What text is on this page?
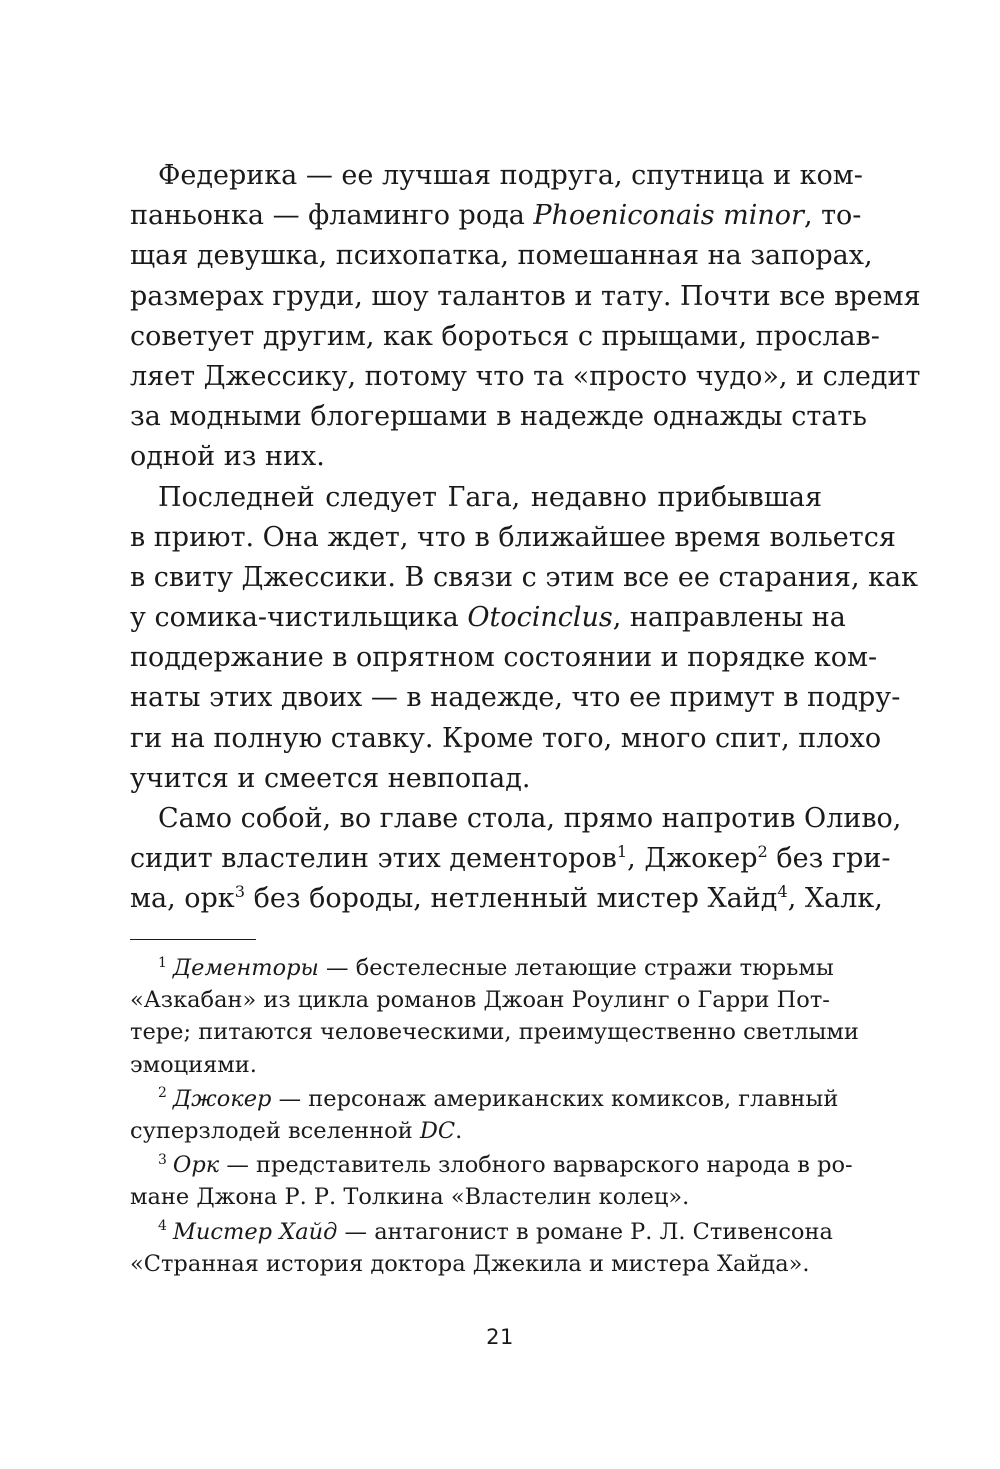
Федерика — ее лучшая подруга, спутница и ком-
паньонка — фламинго рода Phoeniconais minor, то-
щая девушка, психопатка, помешанная на запорах,
размерах груди, шоу талантов и тату. Почти все время
советует другим, как бороться с прыщами, прослав-
ляет Джессику, потому что та «просто чудо», и следит
за модными блогершами в надежде однажды стать
одной из них.
Последней следует Гага, недавно прибывшая
в приют. Она ждет, что в ближайшее время вольется
в свиту Джессики. В связи с этим все ее старания, как
у сомика-чистильщика Otocinclus, направлены на
поддержание в опрятном состоянии и порядке ком-
наты этих двоих — в надежде, что ее примут в подру-
ги на полную ставку. Кроме того, много спит, плохо
учится и смеется невпопад.
Само собой, во главе стола, прямо напротив Оливо,
сидит властелин этих дементоров$^1$, Джокер$^2$ без гри-
ма, орк$^3$ без бороды, нетленный мистер Хайд$^4$, Халк,
$^1$ Дементоры — бестелесные летающие стражи тюрьмы
«Азкабан» из цикла романов Джоан Роулинг о Гарри Пот-
тере; питаются человеческими, преимущественно светлыми
эмоциями.
$^2$ Джокер — персонаж американских комиксов, главный
суперзлодей вселенной DC.
$^3$ Орк — представитель злобного варварского народа в ро-
мане Джона Р. Р. Толкина «Властелин колец».
$^4$ Мистер Хайд — антагонист в романе Р. Л. Стивенсона
«Странная история доктора Джекила и мистера Хайда».
21
